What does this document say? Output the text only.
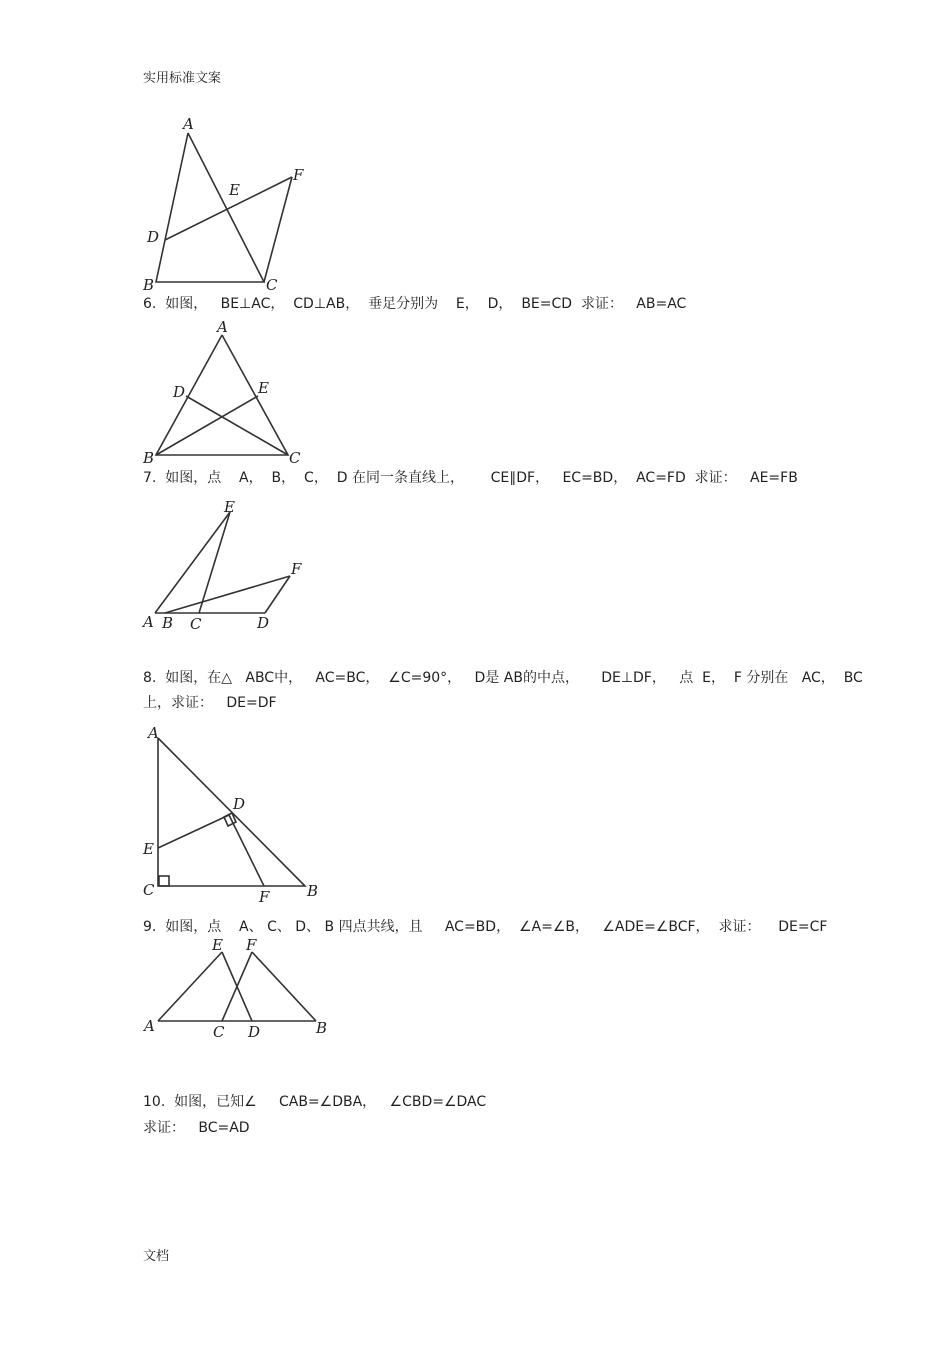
实用标准文案
A
E
F
D
B	C
6.  如图，   BE⊥AC，  CD⊥AB，  垂足分别为    E，  D，  BE=CD  求证：   AB=AC
A
D	E
B	C
7.  如图，点    A，  B，  C，  D 在同一条直线上，      CE∥DF，   EC=BD，  AC=FD  求证：   AE=FB
E
F
A B C	D
8.  如图，在△   ABC中，   AC=BC，  ∠C=90°，   D是 AB的中点，     DE⊥DF，   点  E，  F 分别在   AC，  BC
上，求证：   DE=DF
A
D
E
C	F	B
9.  如图，点    A、 C、 D、 B 四点共线，且     AC=BD，  ∠A=∠B，   ∠ADE=∠BCF，  求证：    DE=CF
E F
A	C D	B
10.  如图，已知∠     CAB=∠DBA，   ∠CBD=∠DAC
求证：   BC=AD
文档
